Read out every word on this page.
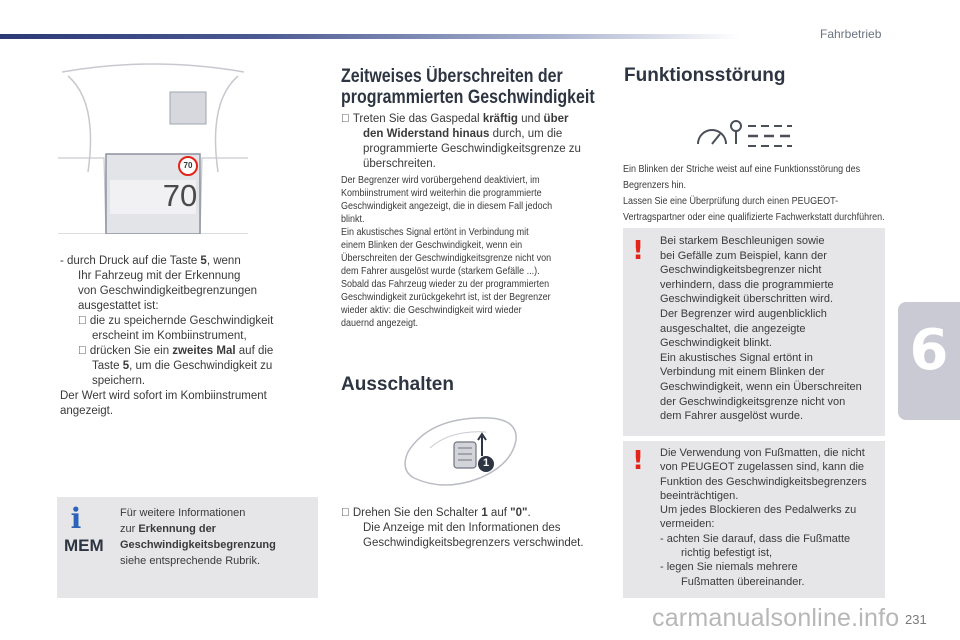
Fahrbetrieb
6
70
70
- durch Druck auf die Taste 5, wenn
Ihr Fahrzeug mit der Erkennung
von Geschwindigkeitbegrenzungen
ausgestattet ist:
die zu speichernde Geschwindigkeit
erscheint im Kombiinstrument,
drücken Sie ein zweites Mal auf die
Taste 5, um die Geschwindigkeit zu
speichern.
Der Wert wird sofort im Kombiinstrument
angezeigt.
i
MEM
Für weitere Informationen
zur Erkennung der
Geschwindigkeitsbegrenzung
siehe entsprechende Rubrik.
Zeitweises Überschreiten der
programmierten Geschwindigkeit
Treten Sie das Gaspedal kräftig und über
den Widerstand hinaus durch, um die
programmierte Geschwindigkeitsgrenze zu
überschreiten.
Der Begrenzer wird vorübergehend deaktiviert, im
Kombiinstrument wird weiterhin die programmierte
Geschwindigkeit angezeigt, die in diesem Fall jedoch
blinkt.
Ein akustisches Signal ertönt in Verbindung mit
einem Blinken der Geschwindigkeit, wenn ein
Überschreiten der Geschwindigkeitsgrenze nicht von
dem Fahrer ausgelöst wurde (starkem Gefälle ...).
Sobald das Fahrzeug wieder zu der programmierten
Geschwindigkeit zurückgekehrt ist, ist der Begrenzer
wieder aktiv: die Geschwindigkeit wird wieder
dauernd angezeigt.
Ausschalten
1
Drehen Sie den Schalter 1 auf "0".
Die Anzeige mit den Informationen des
Geschwindigkeitsbegrenzers verschwindet.
Funktionsstörung
Ein Blinken der Striche weist auf eine Funktionsstörung des
Begrenzers hin.
Lassen Sie eine Überprüfung durch einen PEUGEOT-
Vertragspartner oder eine qualifizierte Fachwerkstatt durchführen.
! Bei starkem Beschleunigen sowie
bei Gefälle zum Beispiel, kann der
Geschwindigkeitsbegrenzer nicht
verhindern, dass die programmierte
Geschwindigkeit überschritten wird.
Der Begrenzer wird augenblicklich
ausgeschaltet, die angezeigte
Geschwindigkeit blinkt.
Ein akustisches Signal ertönt in
Verbindung mit einem Blinken der
Geschwindigkeit, wenn ein Überschreiten
der Geschwindigkeitsgrenze nicht von
dem Fahrer ausgelöst wurde.
! Die Verwendung von Fußmatten, die nicht
von PEUGEOT zugelassen sind, kann die
Funktion des Geschwindigkeitsbegrenzers
beeinträchtigen.
Um jedes Blockieren des Pedalwerks zu
vermeiden:
- achten Sie darauf, dass die Fußmatte
richtig befestigt ist,
- legen Sie niemals mehrere
Fußmatten übereinander.
carmanualsonline.info 231
